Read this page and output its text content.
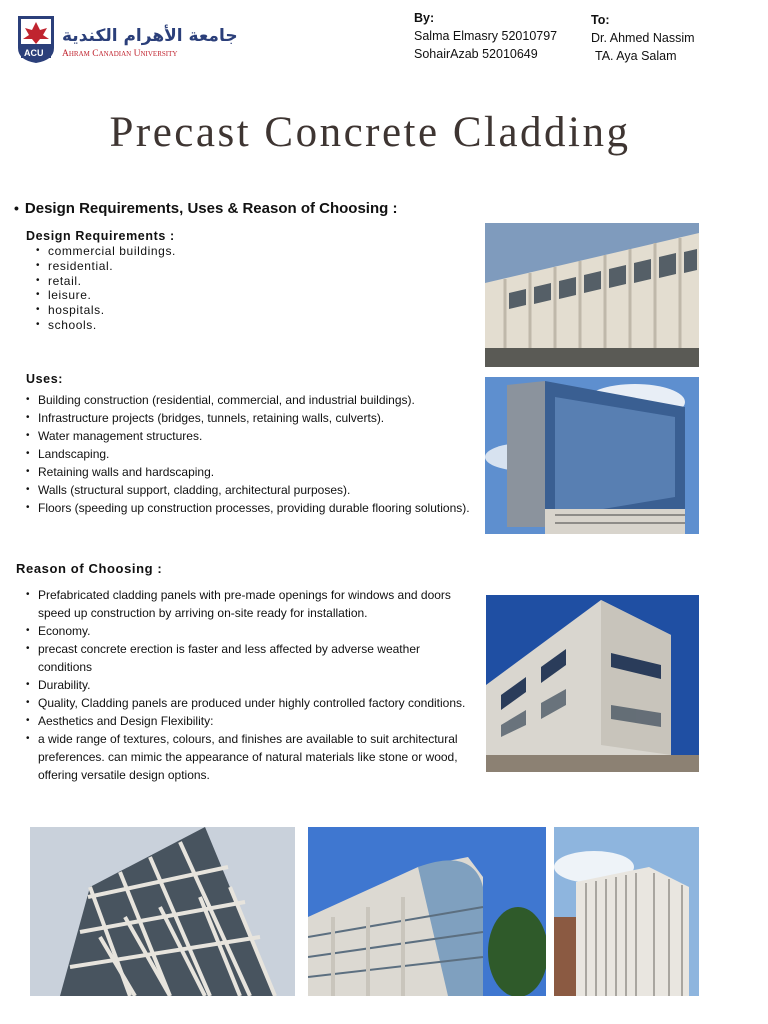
ACU
جامعة الأهرام الكندية
Ahram Canadian University
By:
Salma Elmasry 52010797
SohairAzab 52010649
To:
Dr. Ahmed Nassim
TA. Aya Salam
Precast Concrete Cladding
• Design Requirements, Uses & Reason of Choosing :
Design Requirements :
• commercial buildings.
• residential.
• retail.
• leisure.
• hospitals.
• schools.
Uses:
• Building construction (residential, commercial, and industrial buildings).
• Infrastructure projects (bridges, tunnels, retaining walls, culverts).
• Water management structures.
• Landscaping.
• Retaining walls and hardscaping.
• Walls (structural support, cladding, architectural purposes).
• Floors (speeding up construction processes, providing durable flooring solutions).
Reason of Choosing :
• Prefabricated cladding panels with pre-made openings for windows and doors speed up construction by arriving on-site ready for installation.
• Economy.
• precast concrete erection is faster and less affected by adverse weather conditions
• Durability.
• Quality, Cladding panels are produced under highly controlled factory conditions.
• Aesthetics and Design Flexibility:
• a wide range of textures, colours, and finishes are available to suit architectural preferences. can mimic the appearance of natural materials like stone or wood, offering versatile design options.
